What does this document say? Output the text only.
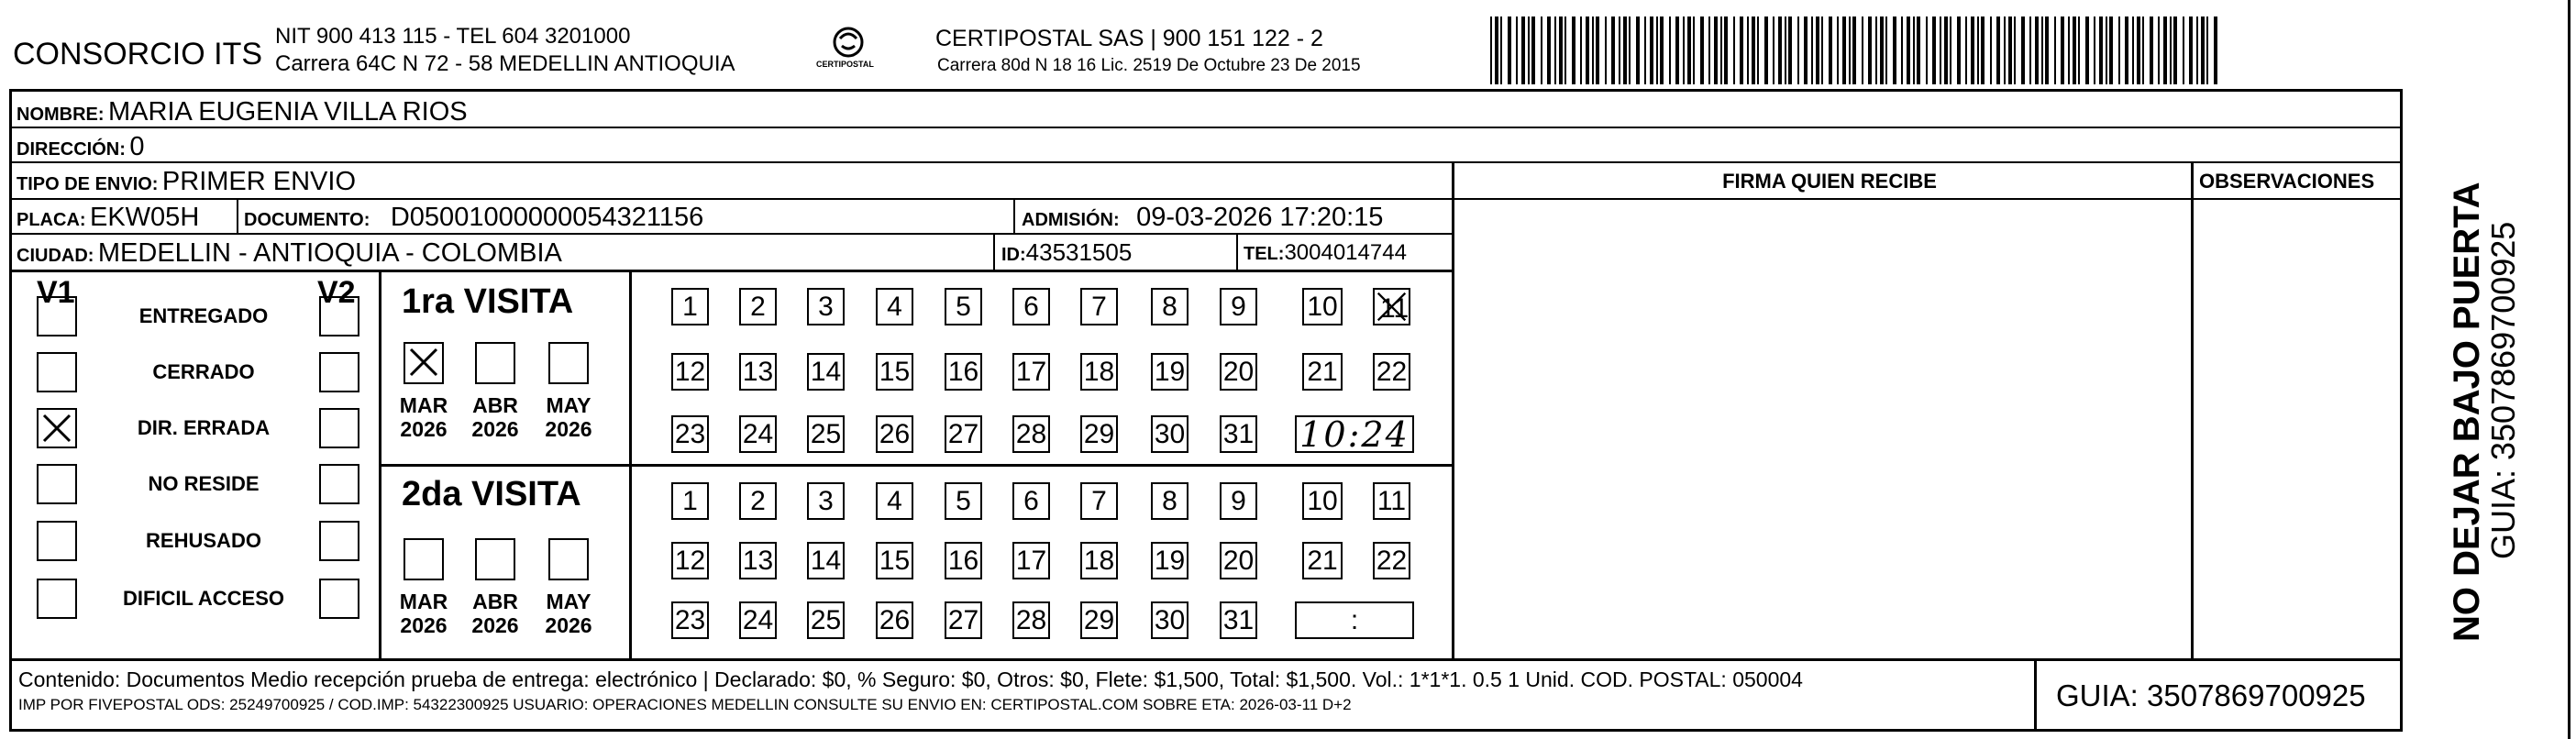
CONSORCIO ITS
NIT 900 413 115 - TEL 604 3201000
Carrera 64C N 72 - 58 MEDELLIN ANTIOQUIA	CERTIPOSTAL
CERTIPOSTAL SAS | 900 151 122 - 2
Carrera 80d N 18 16 Lic. 2519 De Octubre 23 De 2015
NOMBRE: MARIA EUGENIA VILLA RIOS
DIRECCIÓN: 0
TIPO DE ENVIO: PRIMER ENVIO	FIRMA QUIEN RECIBE	OBSERVACIONES
PLACA: EKW05H DOCUMENTO: D05001000000054321156	ADMISIÓN: 09-03-2026 17:20:15
CIUDAD: MEDELLIN - ANTIOQUIA - COLOMBIA	ID:43531505	TEL:3004014744
V1	V2
ENTREGADO
CERRADO
DIR. ERRADA
NO RESIDE
REHUSADO
DIFICIL ACCESO
1ra VISITA
MAR
2026
ABR
2026
MAY
2026
1	2	3	4	5	6	7	8	9	10 11
12 13 14 15 16 17 18 19 20 21 22
23 24 25 26 27 28 29 30 31 10:24
2da VISITA
MAR
2026
ABR
2026
MAY
2026
1	2	3	4	5	6	7	8	9	10 11
12 13 14 15 16 17 18 19 20 21 22
23 24 25 26 27 28 29 30 31	:
Contenido: Documentos Medio recepción prueba de entrega: electrónico | Declarado: $0, % Seguro: $0, Otros: $0, Flete: $1,500, Total: $1,500. Vol.: 1*1*1. 0.5 1 Unid. COD. POSTAL: 050004
IMP POR FIVEPOSTAL ODS: 25249700925 / COD.IMP: 54322300925 USUARIO: OPERACIONES MEDELLIN CONSULTE SU ENVIO EN: CERTIPOSTAL.COM SOBRE ETA: 2026-03-11 D+2	GUIA: 3507869700925
NO DEJAR BAJO PUERTA
GUIA: 3507869700925
